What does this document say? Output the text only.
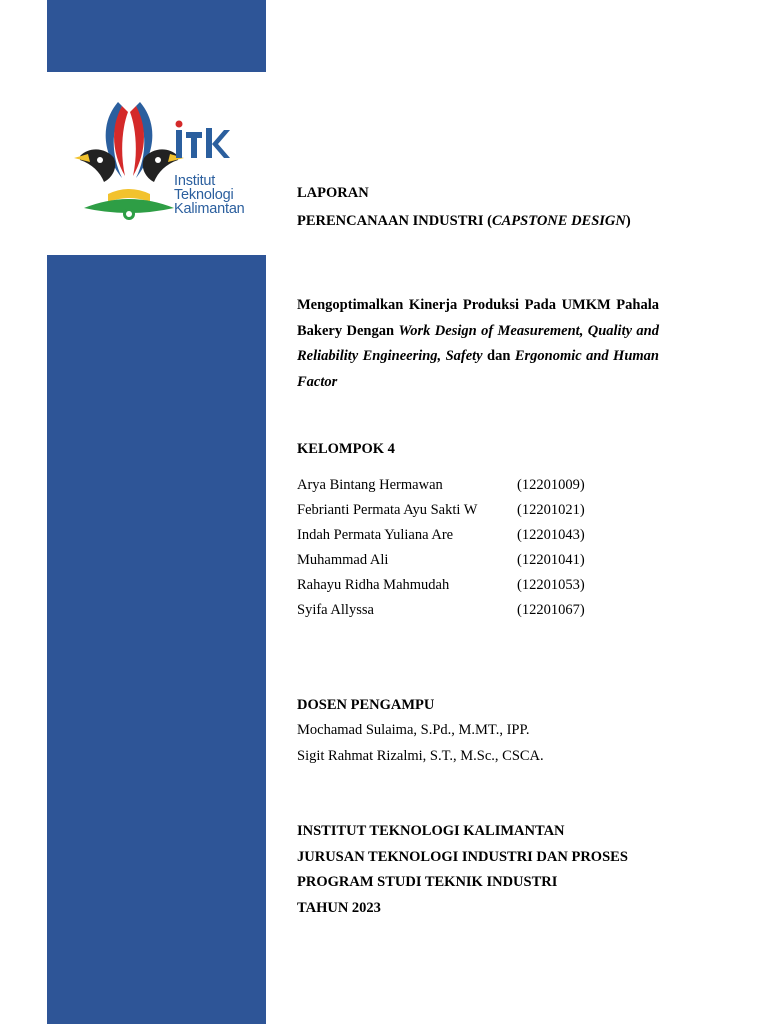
Institut
Teknologi
Kalimantan
LAPORAN
PERENCANAAN INDUSTRI (CAPSTONE DESIGN)
Mengoptimalkan Kinerja Produksi Pada UMKM Pahala Bakery Dengan Work Design of Measurement, Quality and Reliability Engineering, Safety dan Ergonomic and Human Factor
KELOMPOK 4
Arya Bintang Hermawan	(12201009)
Febrianti Permata Ayu Sakti W	(12201021)
Indah Permata Yuliana Are	(12201043)
Muhammad Ali	(12201041)
Rahayu Ridha Mahmudah	(12201053)
Syifa Allyssa	(12201067)
DOSEN PENGAMPU
Mochamad Sulaima, S.Pd., M.MT., IPP.
Sigit Rahmat Rizalmi, S.T., M.Sc., CSCA.
INSTITUT TEKNOLOGI KALIMANTAN
JURUSAN TEKNOLOGI INDUSTRI DAN PROSES
PROGRAM STUDI TEKNIK INDUSTRI
TAHUN 2023
